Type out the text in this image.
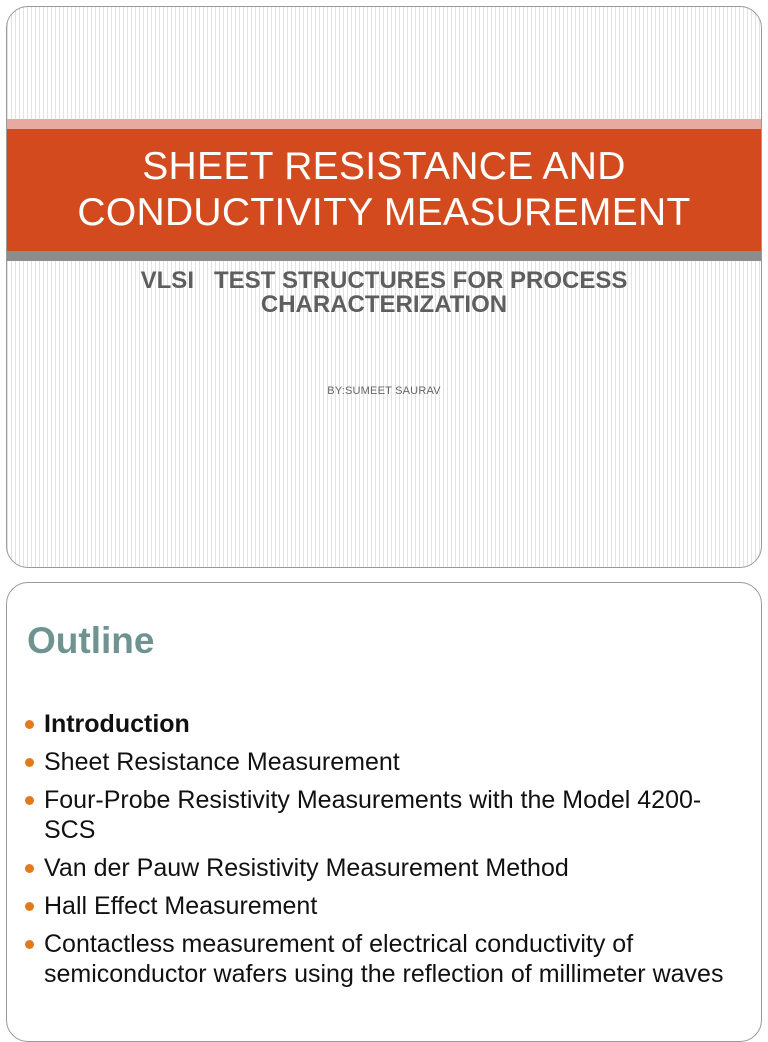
SHEET RESISTANCE AND
CONDUCTIVITY MEASUREMENT
VLSI   TEST STRUCTURES FOR PROCESS
CHARACTERIZATION
BY:SUMEET SAURAV
Outline
Introduction
Sheet Resistance Measurement
Four-Probe Resistivity Measurements with the Model 4200-SCS
Van der Pauw Resistivity Measurement Method
Hall Effect Measurement
Contactless measurement of electrical conductivity of semiconductor wafers using the reflection of millimeter waves
